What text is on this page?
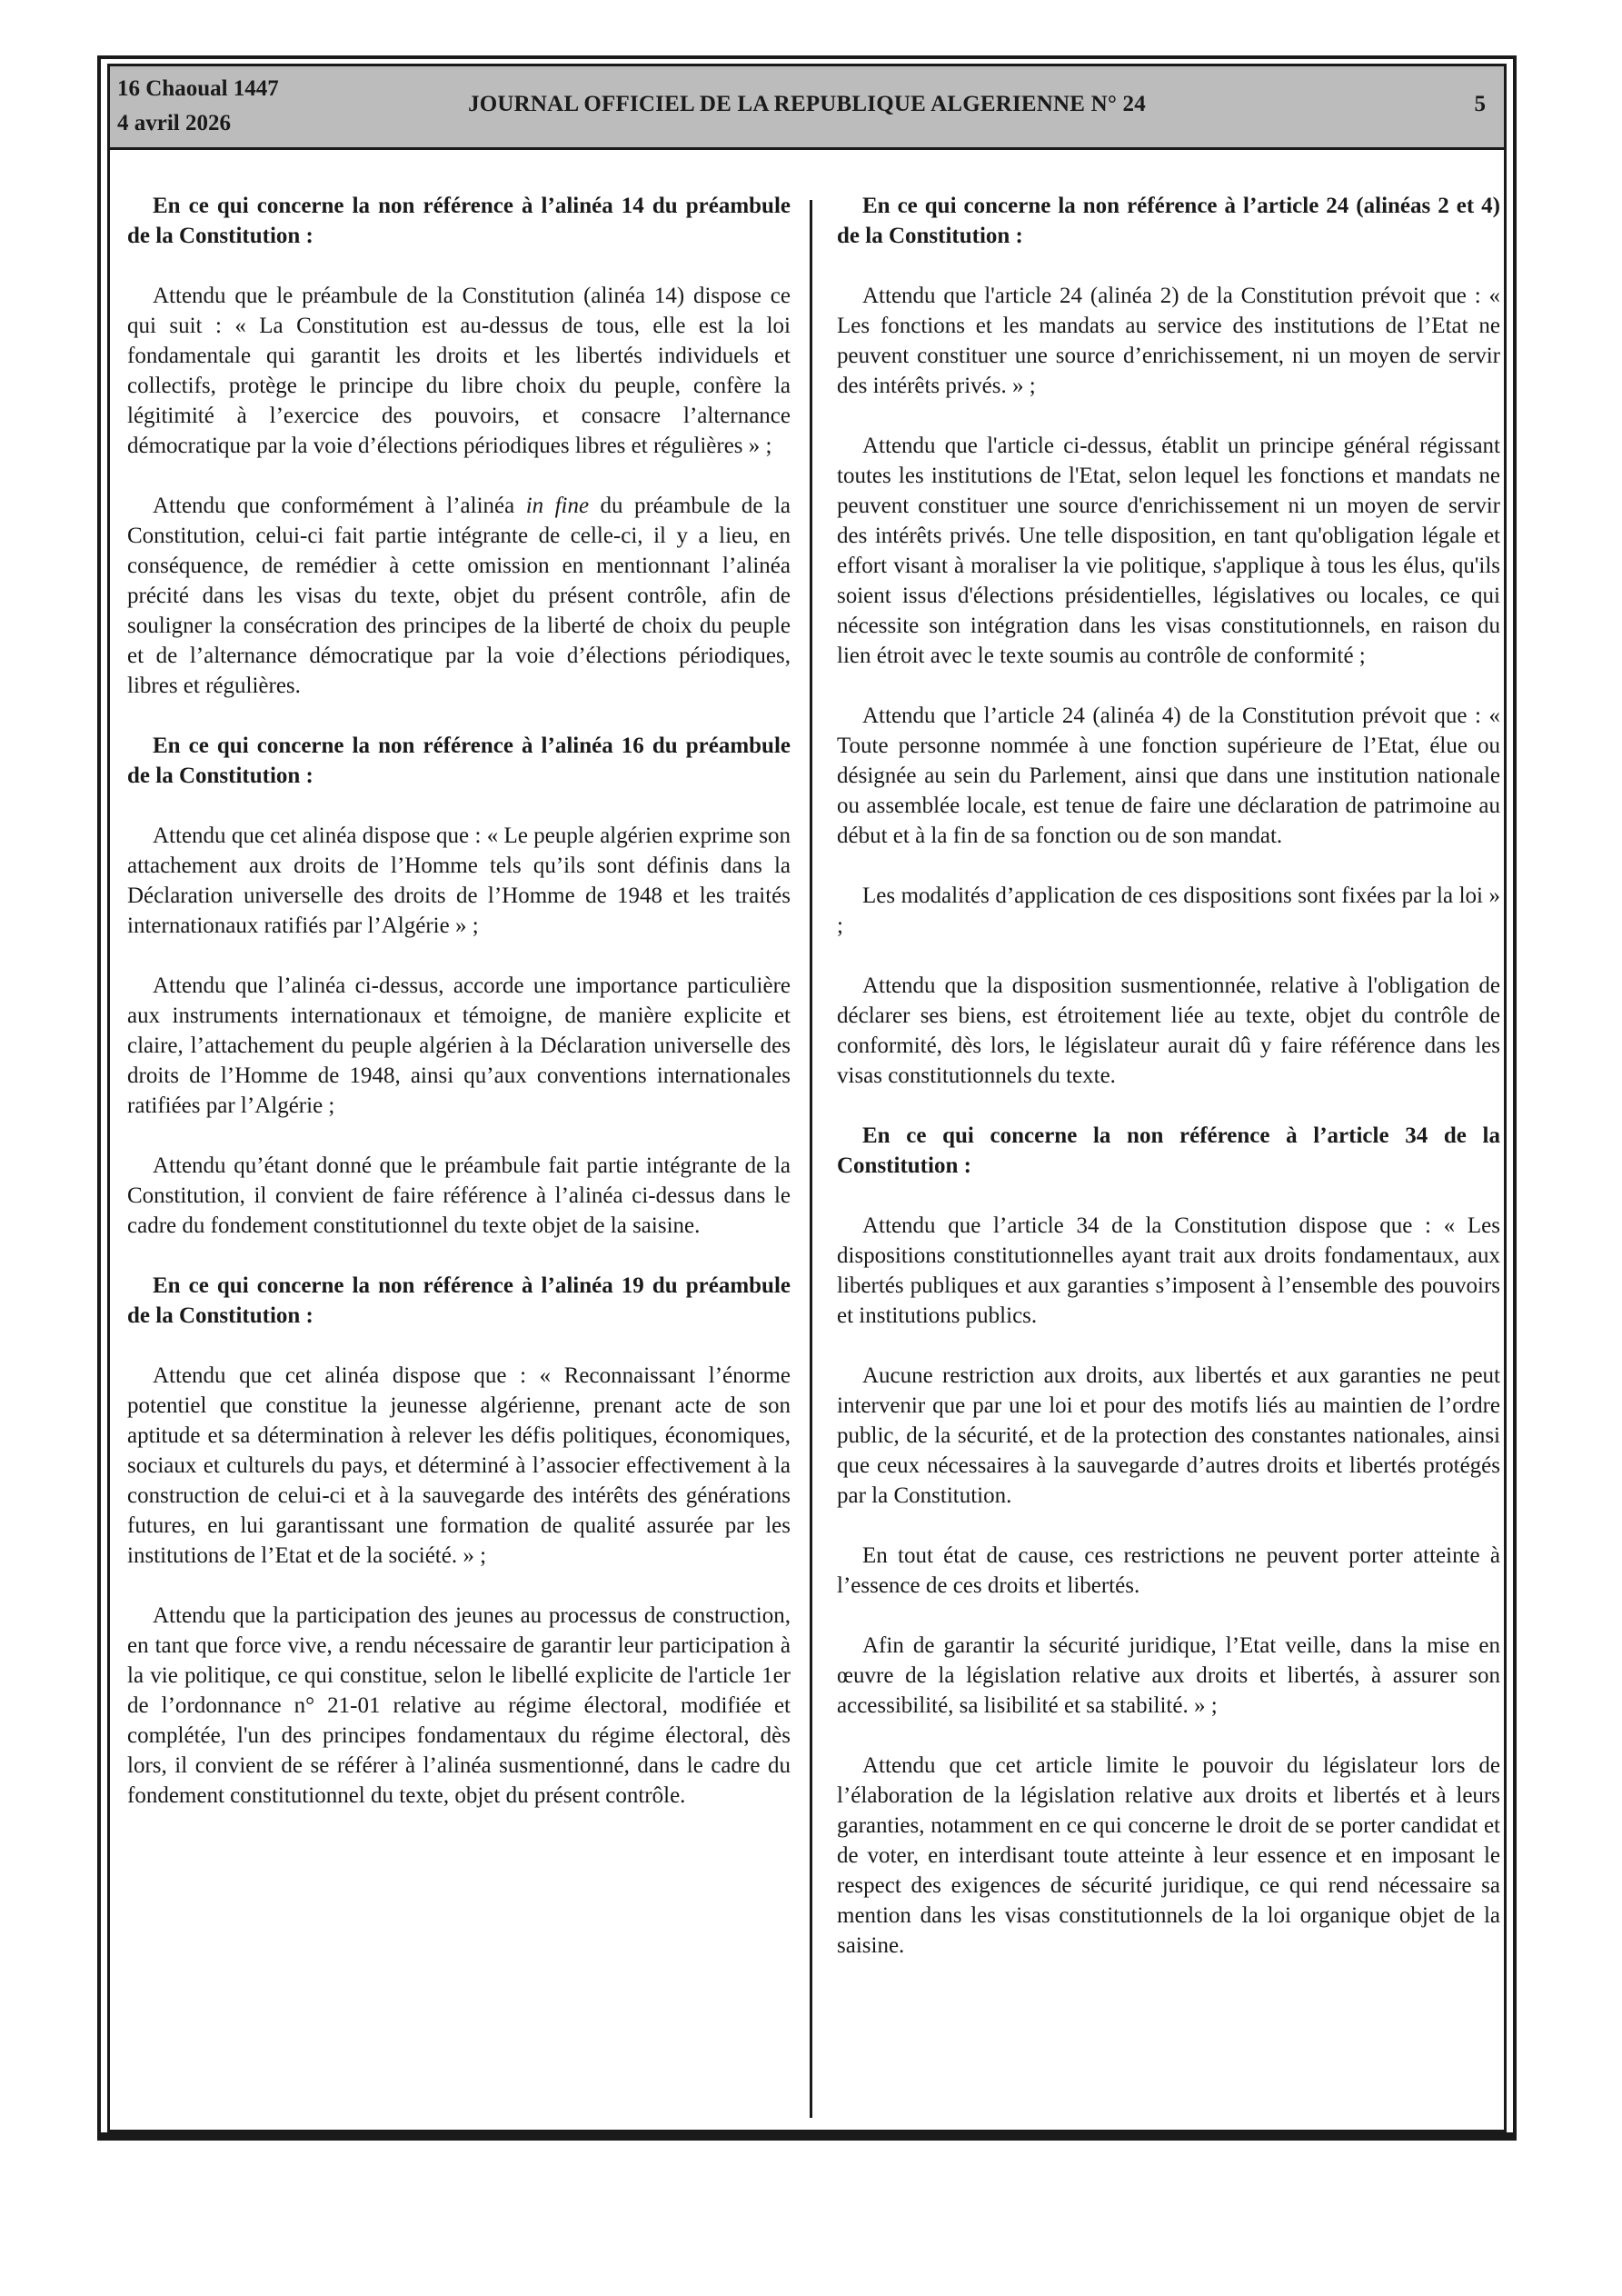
16 Chaoual 1447
4 avril 2026
JOURNAL OFFICIEL DE LA REPUBLIQUE ALGERIENNE N° 24	5

En ce qui concerne la non référence à l’alinéa 14 du préambule de la Constitution :

Attendu que le préambule de la Constitution (alinéa 14) dispose ce qui suit : « La Constitution est au-dessus de tous, elle est la loi fondamentale qui garantit les droits et les libertés individuels et collectifs, protège le principe du libre choix du peuple, confère la légitimité à l’exercice des pouvoirs, et consacre l’alternance démocratique par la voie d’élections périodiques libres et régulières » ;

Attendu que conformément à l’alinéa in fine du préambule de la Constitution, celui-ci fait partie intégrante de celle-ci, il y a lieu, en conséquence, de remédier à cette omission en mentionnant l’alinéa précité dans les visas du texte, objet du présent contrôle, afin de souligner la consécration des principes de la liberté de choix du peuple et de l’alternance démocratique par la voie d’élections périodiques, libres et régulières.

En ce qui concerne la non référence à l’alinéa 16 du préambule de la Constitution :

Attendu que cet alinéa dispose que : « Le peuple algérien exprime son attachement aux droits de l’Homme tels qu’ils sont définis dans la Déclaration universelle des droits de l’Homme de 1948 et les traités internationaux ratifiés par l’Algérie » ;

Attendu que l’alinéa ci-dessus, accorde une importance particulière aux instruments internationaux et témoigne, de manière explicite et claire, l’attachement du peuple algérien à la Déclaration universelle des droits de l’Homme de 1948, ainsi qu’aux conventions internationales ratifiées par l’Algérie ;

Attendu qu’étant donné que le préambule fait partie intégrante de la Constitution, il convient de faire référence à l’alinéa ci-dessus dans le cadre du fondement constitutionnel du texte objet de la saisine.

En ce qui concerne la non référence à l’alinéa 19 du préambule de la Constitution :

Attendu que cet alinéa dispose que : « Reconnaissant l’énorme potentiel que constitue la jeunesse algérienne, prenant acte de son aptitude et sa détermination à relever les défis politiques, économiques, sociaux et culturels du pays, et déterminé à l’associer effectivement à la construction de celui-ci et à la sauvegarde des intérêts des générations futures, en lui garantissant une formation de qualité assurée par les institutions de l’Etat et de la société. » ;

Attendu que la participation des jeunes au processus de construction, en tant que force vive, a rendu nécessaire de garantir leur participation à la vie politique, ce qui constitue, selon le libellé explicite de l'article 1er de l’ordonnance n° 21-01 relative au régime électoral, modifiée et complétée, l'un des principes fondamentaux du régime électoral, dès lors, il convient de se référer à l’alinéa susmentionné, dans le cadre du fondement constitutionnel du texte, objet du présent contrôle.

En ce qui concerne la non référence à l’article 24 (alinéas 2 et 4) de la Constitution :

Attendu que l'article 24 (alinéa 2) de la Constitution prévoit que : « Les fonctions et les mandats au service des institutions de l’Etat ne peuvent constituer une source d’enrichissement, ni un moyen de servir des intérêts privés. » ;

Attendu que l'article ci-dessus, établit un principe général régissant toutes les institutions de l'Etat, selon lequel les fonctions et mandats ne peuvent constituer une source d'enrichissement ni un moyen de servir des intérêts privés. Une telle disposition, en tant qu'obligation légale et effort visant à moraliser la vie politique, s'applique à tous les élus, qu'ils soient issus d'élections présidentielles, législatives ou locales, ce qui nécessite son intégration dans les visas constitutionnels, en raison du lien étroit avec le texte soumis au contrôle de conformité ;

Attendu que l’article 24 (alinéa 4) de la Constitution prévoit que : « Toute personne nommée à une fonction supérieure de l’Etat, élue ou désignée au sein du Parlement, ainsi que dans une institution nationale ou assemblée locale, est tenue de faire une déclaration de patrimoine au début et à la fin de sa fonction ou de son mandat.

Les modalités d’application de ces dispositions sont fixées par la loi » ;

Attendu que la disposition susmentionnée, relative à l'obligation de déclarer ses biens, est étroitement liée au texte, objet du contrôle de conformité, dès lors, le législateur aurait dû y faire référence dans les visas constitutionnels du texte.

En ce qui concerne la non référence à l’article 34 de la Constitution :

Attendu que l’article 34 de la Constitution dispose que : « Les dispositions constitutionnelles ayant trait aux droits fondamentaux, aux libertés publiques et aux garanties s’imposent à l’ensemble des pouvoirs et institutions publics.

Aucune restriction aux droits, aux libertés et aux garanties ne peut intervenir que par une loi et pour des motifs liés au maintien de l’ordre public, de la sécurité, et de la protection des constantes nationales, ainsi que ceux nécessaires à la sauvegarde d’autres droits et libertés protégés par la Constitution.

En tout état de cause, ces restrictions ne peuvent porter atteinte à l’essence de ces droits et libertés.

Afin de garantir la sécurité juridique, l’Etat veille, dans la mise en œuvre de la législation relative aux droits et libertés, à assurer son accessibilité, sa lisibilité et sa stabilité. » ;

Attendu que cet article limite le pouvoir du législateur lors de l’élaboration de la législation relative aux droits et libertés et à leurs garanties, notamment en ce qui concerne le droit de se porter candidat et de voter, en interdisant toute atteinte à leur essence et en imposant le respect des exigences de sécurité juridique, ce qui rend nécessaire sa mention dans les visas constitutionnels de la loi organique objet de la saisine.
